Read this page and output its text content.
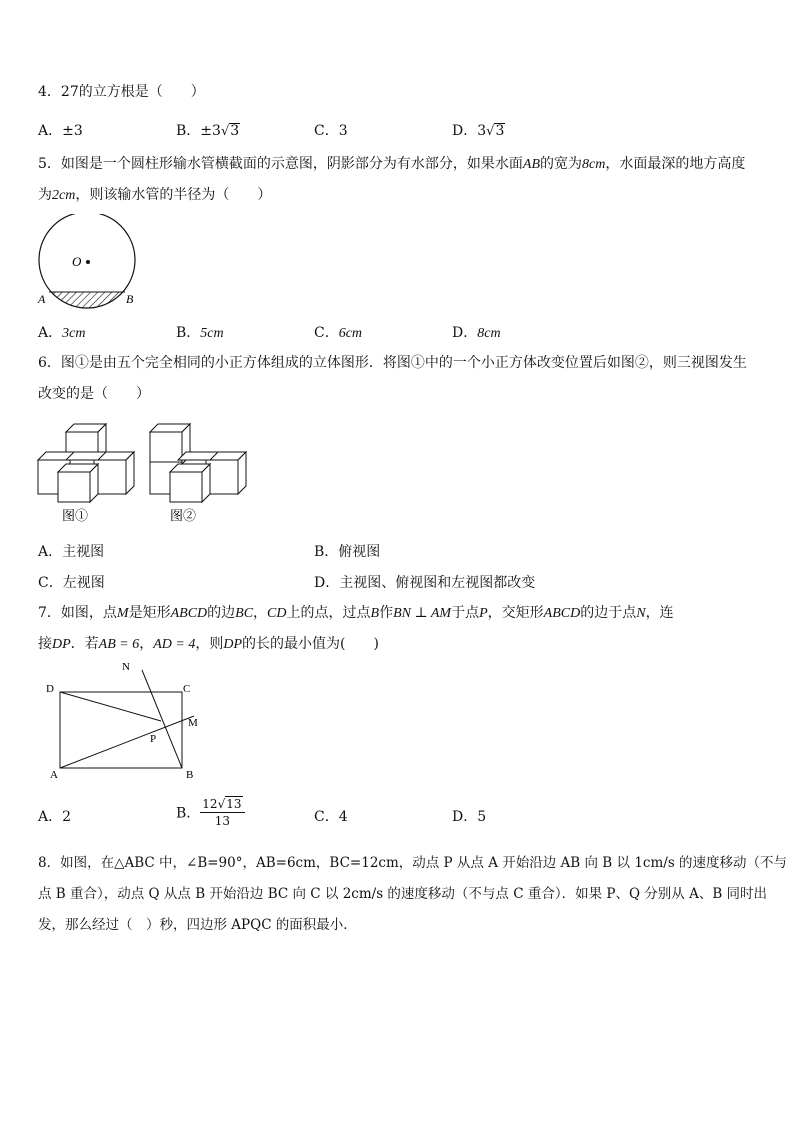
4．27的立方根是（　　）
A．±3	B．±3√3	C．3	D．3√3
5．如图是一个圆柱形输水管横截面的示意图，阴影部分为有水部分，如果水面AB的宽为8cm，水面最深的地方高度
为2cm，则该输水管的半径为（　　）
O
A	B
A．3cm	B．5cm	C．6cm	D．8cm
6．图①是由五个完全相同的小正方体组成的立体图形．将图①中的一个小正方体改变位置后如图②，则三视图发生
改变的是（　　）
图①	图②
A．主视图	B．俯视图
C．左视图	D．主视图、俯视图和左视图都改变
7．如图，点M是矩形ABCD的边BC，CD上的点，过点B作BN ⊥ AM于点P，交矩形ABCD的边于点N，连
接DP．若AB = 6，AD = 4，则DP的长的最小值为(　　)
N
D	C
M
P
A	B
A．2	B． $\frac{12√13}{13}$	C．4	D．5
8．如图，在△ABC 中，∠B=90°，AB=6cm，BC=12cm，动点 P 从点 A 开始沿边 AB 向 B 以 1cm/s 的速度移动（不与
点 B 重合），动点 Q 从点 B 开始沿边 BC 向 C 以 2cm/s 的速度移动（不与点 C 重合）．如果 P、Q 分别从 A、B 同时出
发，那么经过（　）秒，四边形 APQC 的面积最小．
